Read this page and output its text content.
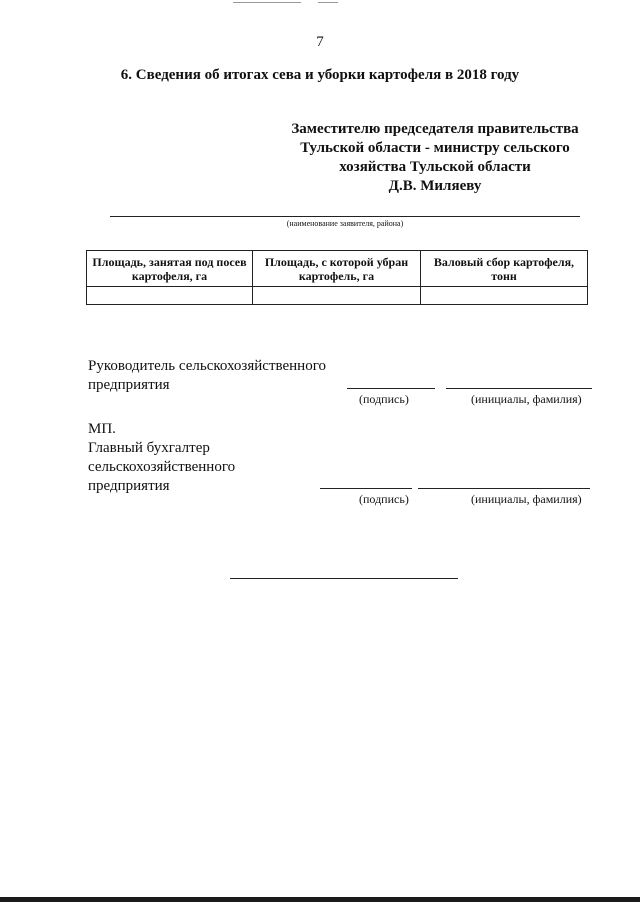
7
6. Сведения об итогах сева и уборки картофеля в 2018 году
Заместителю председателя правительства
Тульской области - министру сельского
хозяйства Тульской области
Д.В. Миляеву
(наименование заявителя, района)
Площадь, занятая под посев картофеля, га	Площадь, с которой убран картофель, га	Валовый сбор картофеля, тонн

Руководитель сельскохозяйственного
предприятия
(подпись)	(инициалы, фамилия)
МП.
Главный бухгалтер
сельскохозяйственного
предприятия
(подпись)	(инициалы, фамилия)
